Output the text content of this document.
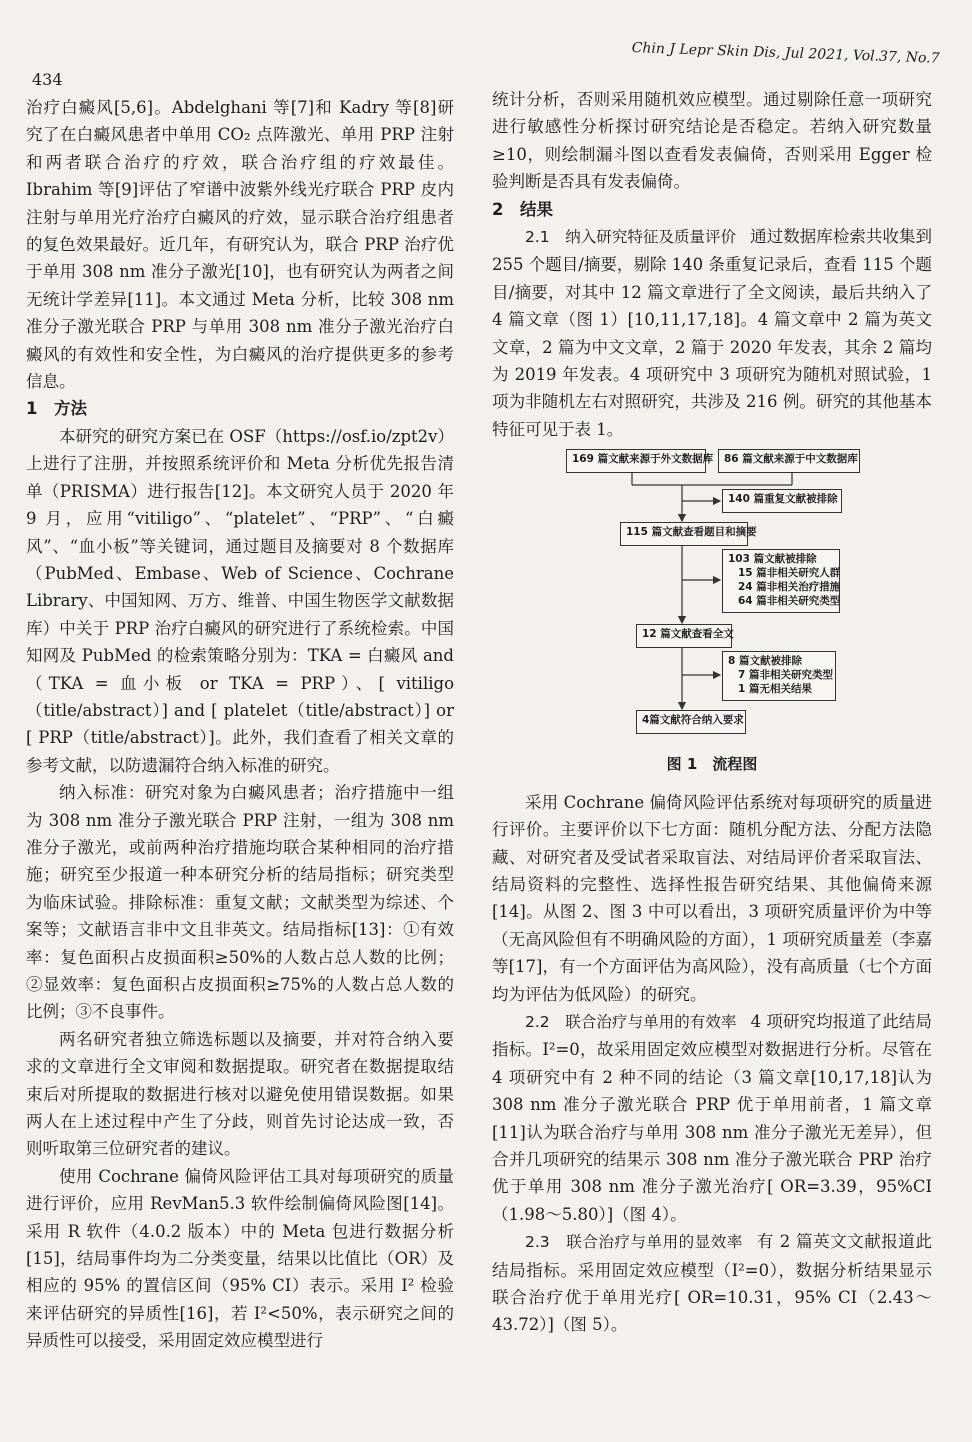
434
Chin J Lepr Skin Dis, Jul 2021, Vol.37, No.7

治疗白癜风[5,6]。Abdelghani 等[7]和 Kadry 等[8]研究了在白癜风患者中单用 CO₂ 点阵激光、单用 PRP 注射和两者联合治疗的疗效，联合治疗组的疗效最佳。Ibrahim 等[9]评估了窄谱中波紫外线光疗联合 PRP 皮内注射与单用光疗治疗白癜风的疗效，显示联合治疗组患者的复色效果最好。近几年，有研究认为，联合 PRP 治疗优于单用 308 nm 准分子激光[10]，也有研究认为两者之间无统计学差异[11]。本文通过 Meta 分析，比较 308 nm 准分子激光联合 PRP 与单用 308 nm 准分子激光治疗白癜风的有效性和安全性，为白癜风的治疗提供更多的参考信息。

1　方法

本研究的研究方案已在 OSF（https://osf.io/zpt2v）上进行了注册，并按照系统评价和 Meta 分析优先报告清单（PRISMA）进行报告[12]。本文研究人员于 2020 年 9 月，应用“vitiligo”、“platelet”、“PRP”、“白癜风”、“血小板”等关键词，通过题目及摘要对 8 个数据库（PubMed、Embase、Web of Science、Cochrane Library、中国知网、万方、维普、中国生物医学文献数据库）中关于 PRP 治疗白癜风的研究进行了系统检索。中国知网及 PubMed 的检索策略分别为：TKA = 白癜风 and（TKA = 血小板 or TKA = PRP）、[ vitiligo（title/abstract）] and [ platelet（title/abstract）] or [ PRP（title/abstract）]。此外，我们查看了相关文章的参考文献，以防遗漏符合纳入标准的研究。

纳入标准：研究对象为白癜风患者；治疗措施中一组为 308 nm 准分子激光联合 PRP 注射，一组为 308 nm 准分子激光，或前两种治疗措施均联合某种相同的治疗措施；研究至少报道一种本研究分析的结局指标；研究类型为临床试验。排除标准：重复文献；文献类型为综述、个案等；文献语言非中文且非英文。结局指标[13]：①有效率：复色面积占皮损面积≥50%的人数占总人数的比例；②显效率：复色面积占皮损面积≥75%的人数占总人数的比例；③不良事件。

两名研究者独立筛选标题以及摘要，并对符合纳入要求的文章进行全文审阅和数据提取。研究者在数据提取结束后对所提取的数据进行核对以避免使用错误数据。如果两人在上述过程中产生了分歧，则首先讨论达成一致，否则听取第三位研究者的建议。

使用 Cochrane 偏倚风险评估工具对每项研究的质量进行评价，应用 RevMan5.3 软件绘制偏倚风险图[14]。采用 R 软件（4.0.2 版本）中的 Meta 包进行数据分析[15]，结局事件均为二分类变量，结果以比值比（OR）及相应的 95% 的置信区间（95% CI）表示。采用 I² 检验来评估研究的异质性[16]，若 I²<50%，表示研究之间的异质性可以接受，采用固定效应模型进行

统计分析，否则采用随机效应模型。通过剔除任意一项研究进行敏感性分析探讨研究结论是否稳定。若纳入研究数量≥10，则绘制漏斗图以查看发表偏倚，否则采用 Egger 检验判断是否具有发表偏倚。

2　结果

2.1　纳入研究特征及质量评价 通过数据库检索共收集到 255 个题目/摘要，剔除 140 条重复记录后，查看 115 个题目/摘要，对其中 12 篇文章进行了全文阅读，最后共纳入了 4 篇文章（图 1）[10,11,17,18]。4 篇文章中 2 篇为英文文章，2 篇为中文文章，2 篇于 2020 年发表，其余 2 篇均为 2019 年发表。4 项研究中 3 项研究为随机对照试验，1 项为非随机左右对照研究，共涉及 216 例。研究的其他基本特征可见于表 1。

169 篇文献来源于外文数据库 86 篇文献来源于中文数据库
140 篇重复文献被排除
115 篇文献查看题目和摘要
103 篇文献被排除
15 篇非相关研究人群
24 篇非相关治疗措施
64 篇非相关研究类型
12 篇文献查看全文
8 篇文献被排除
7 篇非相关研究类型
1 篇无相关结果
4篇文献符合纳入要求
图 1　流程图

采用 Cochrane 偏倚风险评估系统对每项研究的质量进行评价。主要评价以下七方面：随机分配方法、分配方法隐藏、对研究者及受试者采取盲法、对结局评价者采取盲法、结局资料的完整性、选择性报告研究结果、其他偏倚来源[14]。从图 2、图 3 中可以看出，3 项研究质量评价为中等（无高风险但有不明确风险的方面），1 项研究质量差（李嘉等[17]，有一个方面评估为高风险），没有高质量（七个方面均为评估为低风险）的研究。

2.2　联合治疗与单用的有效率 4 项研究均报道了此结局指标。I²=0，故采用固定效应模型对数据进行分析。尽管在 4 项研究中有 2 种不同的结论（3 篇文章[10,17,18]认为 308 nm 准分子激光联合 PRP 优于单用前者，1 篇文章[11]认为联合治疗与单用 308 nm 准分子激光无差异），但合并几项研究的结果示 308 nm 准分子激光联合 PRP 治疗优于单用 308 nm 准分子激光治疗[ OR=3.39，95%CI（1.98～5.80）]（图 4）。

2.3　联合治疗与单用的显效率 有 2 篇英文文献报道此结局指标。采用固定效应模型（I²=0），数据分析结果显示联合治疗优于单用光疗[ OR=10.31，95% CI（2.43～43.72）]（图 5）。
